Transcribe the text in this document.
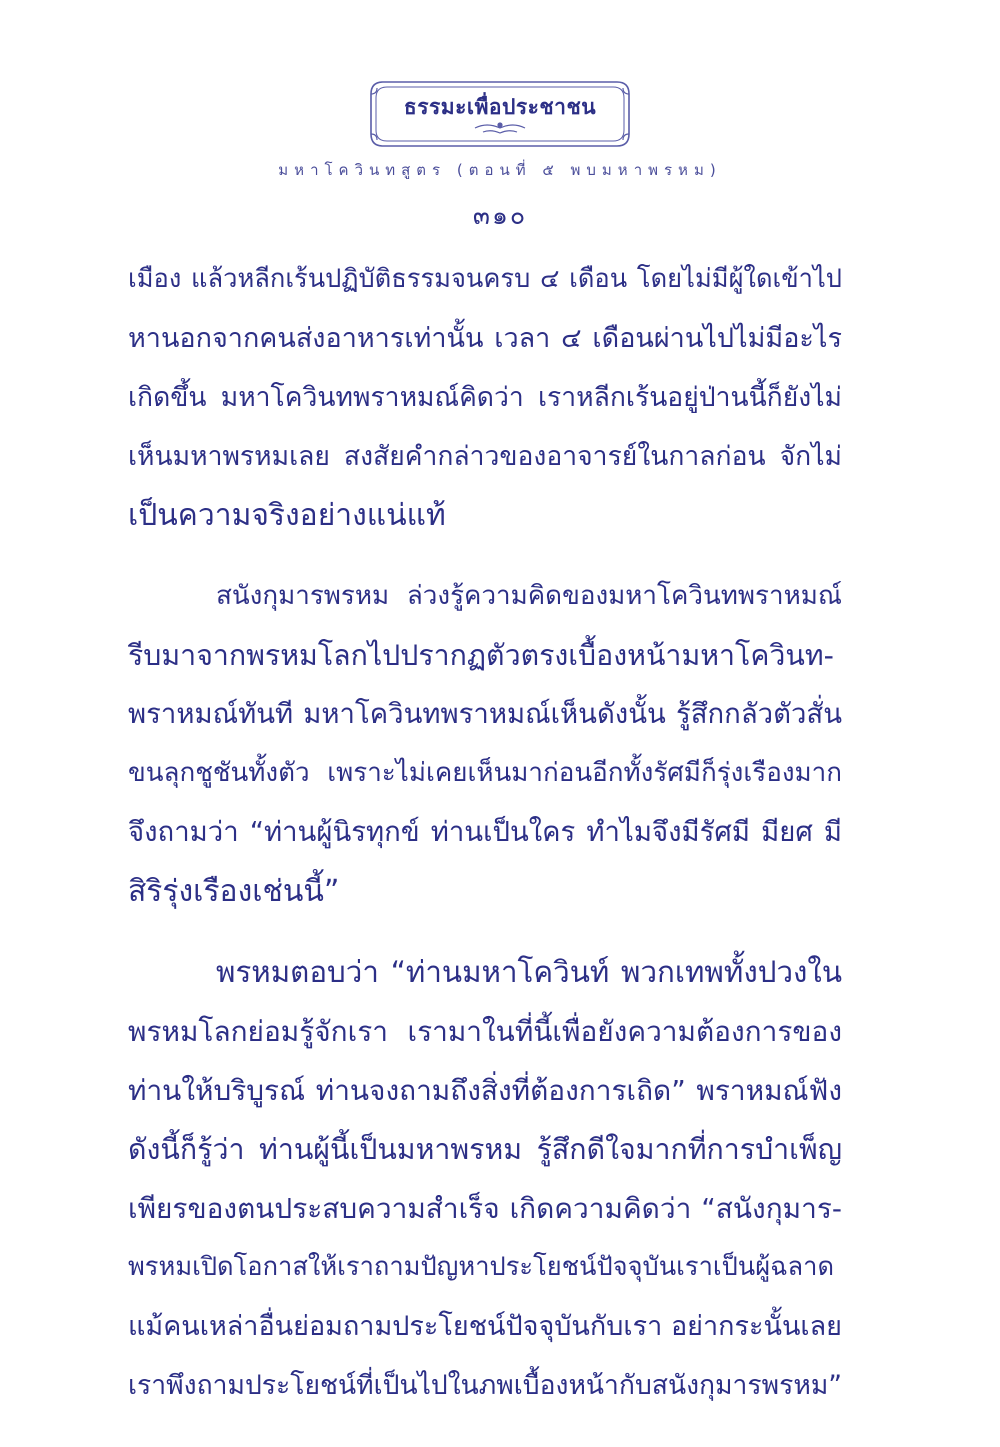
ธรรมะเพื่อประชาชน
มหาโควินทสูตร (ตอนที่ ๕ พบมหาพรหม)
๓๑๐
เมือง แล้วหลีกเร้นปฏิบัติธรรมจนครบ ๔ เดือน โดยไม่มีผู้ใดเข้าไป
หานอกจากคนส่งอาหารเท่านั้น เวลา ๔ เดือนผ่านไปไม่มีอะไร
เกิดขึ้น มหาโควินทพราหมณ์คิดว่า เราหลีกเร้นอยู่ป่านนี้ก็ยังไม่
เห็นมหาพรหมเลย สงสัยคำกล่าวของอาจารย์ในกาลก่อน จักไม่
เป็นความจริงอย่างแน่แท้
สนังกุมารพรหม ล่วงรู้ความคิดของมหาโควินทพราหมณ์
รีบมาจากพรหมโลกไปปรากฏตัวตรงเบื้องหน้ามหาโควินท-
พราหมณ์ทันที มหาโควินทพราหมณ์เห็นดังนั้น รู้สึกกลัวตัวสั่น
ขนลุกชูชันทั้งตัว เพราะไม่เคยเห็นมาก่อนอีกทั้งรัศมีก็รุ่งเรืองมาก
จึงถามว่า “ท่านผู้นิรทุกข์ ท่านเป็นใคร ทำไมจึงมีรัศมี มียศ มี
สิริรุ่งเรืองเช่นนี้”
พรหมตอบว่า “ท่านมหาโควินท์ พวกเทพทั้งปวงใน
พรหมโลกย่อมรู้จักเรา เรามาในที่นี้เพื่อยังความต้องการของ
ท่านให้บริบูรณ์ ท่านจงถามถึงสิ่งที่ต้องการเถิด” พราหมณ์ฟัง
ดังนี้ก็รู้ว่า ท่านผู้นี้เป็นมหาพรหม รู้สึกดีใจมากที่การบำเพ็ญ
เพียรของตนประสบความสำเร็จ เกิดความคิดว่า “สนังกุมาร-
พรหมเปิดโอกาสให้เราถามปัญหาประโยชน์ปัจจุบันเราเป็นผู้ฉลาด
แม้คนเหล่าอื่นย่อมถามประโยชน์ปัจจุบันกับเรา อย่ากระนั้นเลย
เราพึงถามประโยชน์ที่เป็นไปในภพเบื้องหน้ากับสนังกุมารพรหม”
